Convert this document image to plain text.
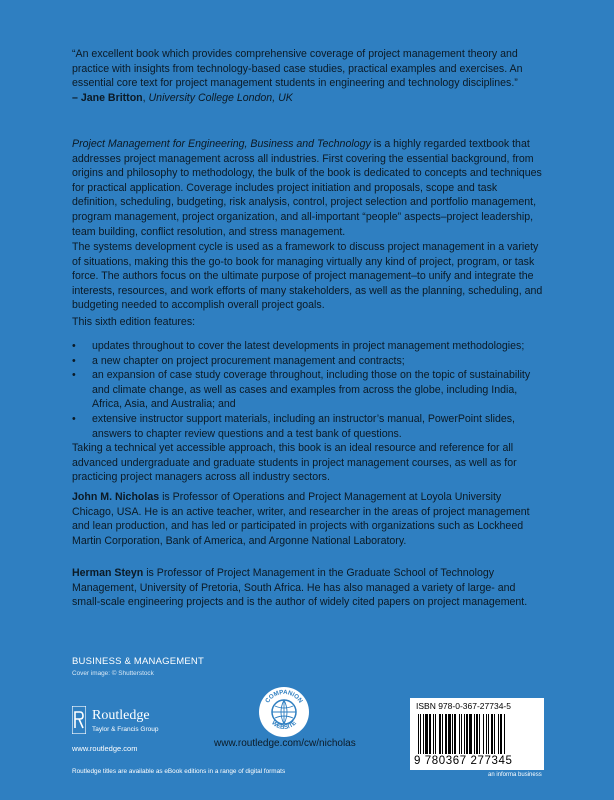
“An excellent book which provides comprehensive coverage of project management theory and practice with insights from technology-based case studies, practical examples and exercises. An essential core text for project management students in engineering and technology disciplines.”
– Jane Britton, University College London, UK
Project Management for Engineering, Business and Technology is a highly regarded textbook that addresses project management across all industries. First covering the essential background, from origins and philosophy to methodology, the bulk of the book is dedicated to concepts and techniques for practical application. Coverage includes project initiation and proposals, scope and task definition, scheduling, budgeting, risk analysis, control, project selection and portfolio management, program management, project organization, and all-important “people” aspects–project leadership, team building, conflict resolution, and stress management.
The systems development cycle is used as a framework to discuss project management in a variety of situations, making this the go-to book for managing virtually any kind of project, program, or task force. The authors focus on the ultimate purpose of project management–to unify and integrate the interests, resources, and work efforts of many stakeholders, as well as the planning, scheduling, and budgeting needed to accomplish overall project goals.
This sixth edition features:
• updates throughout to cover the latest developments in project management methodologies;
• a new chapter on project procurement management and contracts;
• an expansion of case study coverage throughout, including those on the topic of sustainability and climate change, as well as cases and examples from across the globe, including India, Africa, Asia, and Australia; and
• extensive instructor support materials, including an instructor’s manual, PowerPoint slides, answers to chapter review questions and a test bank of questions.
Taking a technical yet accessible approach, this book is an ideal resource and reference for all advanced undergraduate and graduate students in project management courses, as well as for practicing project managers across all industry sectors.
John M. Nicholas is Professor of Operations and Project Management at Loyola University Chicago, USA. He is an active teacher, writer, and researcher in the areas of project management and lean production, and has led or participated in projects with organizations such as Lockheed Martin Corporation, Bank of America, and Argonne National Laboratory.
Herman Steyn is Professor of Project Management in the Graduate School of Technology Management, University of Pretoria, South Africa. He has also managed a variety of large- and small-scale engineering projects and is the author of widely cited papers on project management.
BUSINESS & MANAGEMENT
Cover image: © Shutterstock
Routledge
Taylor & Francis Group
www.routledge.com
COMPANION
WEBSITE
www.routledge.com/cw/nicholas
Routledge titles are available as eBook editions in a range of digital formats
ISBN 978-0-367-27734-5
9 780367 277345
an informa business
